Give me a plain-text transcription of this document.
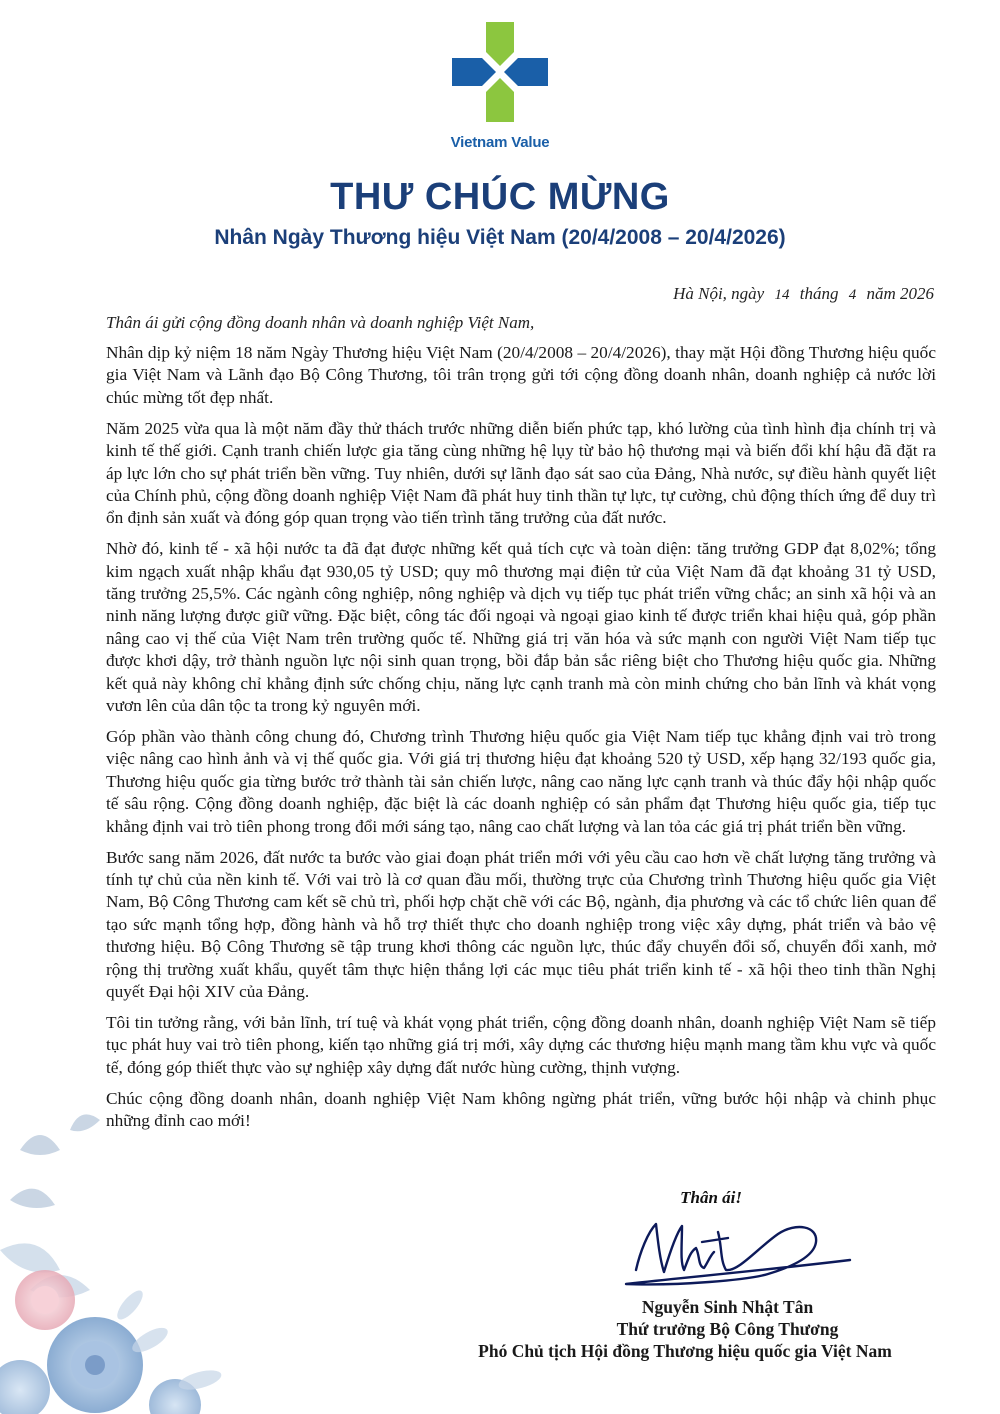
Vietnam Value
THƯ CHÚC MỪNG
Nhân Ngày Thương hiệu Việt Nam (20/4/2008 – 20/4/2026)
Hà Nội, ngày 14 tháng 4 năm 2026
Thân ái gửi cộng đồng doanh nhân và doanh nghiệp Việt Nam,

Nhân dịp kỷ niệm 18 năm Ngày Thương hiệu Việt Nam (20/4/2008 – 20/4/2026), thay mặt Hội đồng Thương hiệu quốc gia Việt Nam và Lãnh đạo Bộ Công Thương, tôi trân trọng gửi tới cộng đồng doanh nhân, doanh nghiệp cả nước lời chúc mừng tốt đẹp nhất.

Năm 2025 vừa qua là một năm đầy thử thách trước những diễn biến phức tạp, khó lường của tình hình địa chính trị và kinh tế thế giới. Cạnh tranh chiến lược gia tăng cùng những hệ lụy từ bảo hộ thương mại và biến đổi khí hậu đã đặt ra áp lực lớn cho sự phát triển bền vững. Tuy nhiên, dưới sự lãnh đạo sát sao của Đảng, Nhà nước, sự điều hành quyết liệt của Chính phủ, cộng đồng doanh nghiệp Việt Nam đã phát huy tinh thần tự lực, tự cường, chủ động thích ứng để duy trì ổn định sản xuất và đóng góp quan trọng vào tiến trình tăng trưởng của đất nước.

Nhờ đó, kinh tế - xã hội nước ta đã đạt được những kết quả tích cực và toàn diện: tăng trưởng GDP đạt 8,02%; tổng kim ngạch xuất nhập khẩu đạt 930,05 tỷ USD; quy mô thương mại điện tử của Việt Nam đã đạt khoảng 31 tỷ USD, tăng trưởng 25,5%. Các ngành công nghiệp, nông nghiệp và dịch vụ tiếp tục phát triển vững chắc; an sinh xã hội và an ninh năng lượng được giữ vững. Đặc biệt, công tác đối ngoại và ngoại giao kinh tế được triển khai hiệu quả, góp phần nâng cao vị thế của Việt Nam trên trường quốc tế. Những giá trị văn hóa và sức mạnh con người Việt Nam tiếp tục được khơi dậy, trở thành nguồn lực nội sinh quan trọng, bồi đắp bản sắc riêng biệt cho Thương hiệu quốc gia. Những kết quả này không chỉ khẳng định sức chống chịu, năng lực cạnh tranh mà còn minh chứng cho bản lĩnh và khát vọng vươn lên của dân tộc ta trong kỷ nguyên mới.

Góp phần vào thành công chung đó, Chương trình Thương hiệu quốc gia Việt Nam tiếp tục khẳng định vai trò trong việc nâng cao hình ảnh và vị thế quốc gia. Với giá trị thương hiệu đạt khoảng 520 tỷ USD, xếp hạng 32/193 quốc gia, Thương hiệu quốc gia từng bước trở thành tài sản chiến lược, nâng cao năng lực cạnh tranh và thúc đẩy hội nhập quốc tế sâu rộng. Cộng đồng doanh nghiệp, đặc biệt là các doanh nghiệp có sản phẩm đạt Thương hiệu quốc gia, tiếp tục khẳng định vai trò tiên phong trong đổi mới sáng tạo, nâng cao chất lượng và lan tỏa các giá trị phát triển bền vững.

Bước sang năm 2026, đất nước ta bước vào giai đoạn phát triển mới với yêu cầu cao hơn về chất lượng tăng trưởng và tính tự chủ của nền kinh tế. Với vai trò là cơ quan đầu mối, thường trực của Chương trình Thương hiệu quốc gia Việt Nam, Bộ Công Thương cam kết sẽ chủ trì, phối hợp chặt chẽ với các Bộ, ngành, địa phương và các tổ chức liên quan để tạo sức mạnh tổng hợp, đồng hành và hỗ trợ thiết thực cho doanh nghiệp trong việc xây dựng, phát triển và bảo vệ thương hiệu. Bộ Công Thương sẽ tập trung khơi thông các nguồn lực, thúc đẩy chuyển đổi số, chuyển đổi xanh, mở rộng thị trường xuất khẩu, quyết tâm thực hiện thắng lợi các mục tiêu phát triển kinh tế - xã hội theo tinh thần Nghị quyết Đại hội XIV của Đảng.

Tôi tin tưởng rằng, với bản lĩnh, trí tuệ và khát vọng phát triển, cộng đồng doanh nhân, doanh nghiệp Việt Nam sẽ tiếp tục phát huy vai trò tiên phong, kiến tạo những giá trị mới, xây dựng các thương hiệu mạnh mang tầm khu vực và quốc tế, đóng góp thiết thực vào sự nghiệp xây dựng đất nước hùng cường, thịnh vượng.

Chúc cộng đồng doanh nhân, doanh nghiệp Việt Nam không ngừng phát triển, vững bước hội nhập và chinh phục những đỉnh cao mới!

Thân ái!
Nguyễn Sinh Nhật Tân
Thứ trưởng Bộ Công Thương
Phó Chủ tịch Hội đồng Thương hiệu quốc gia Việt Nam
